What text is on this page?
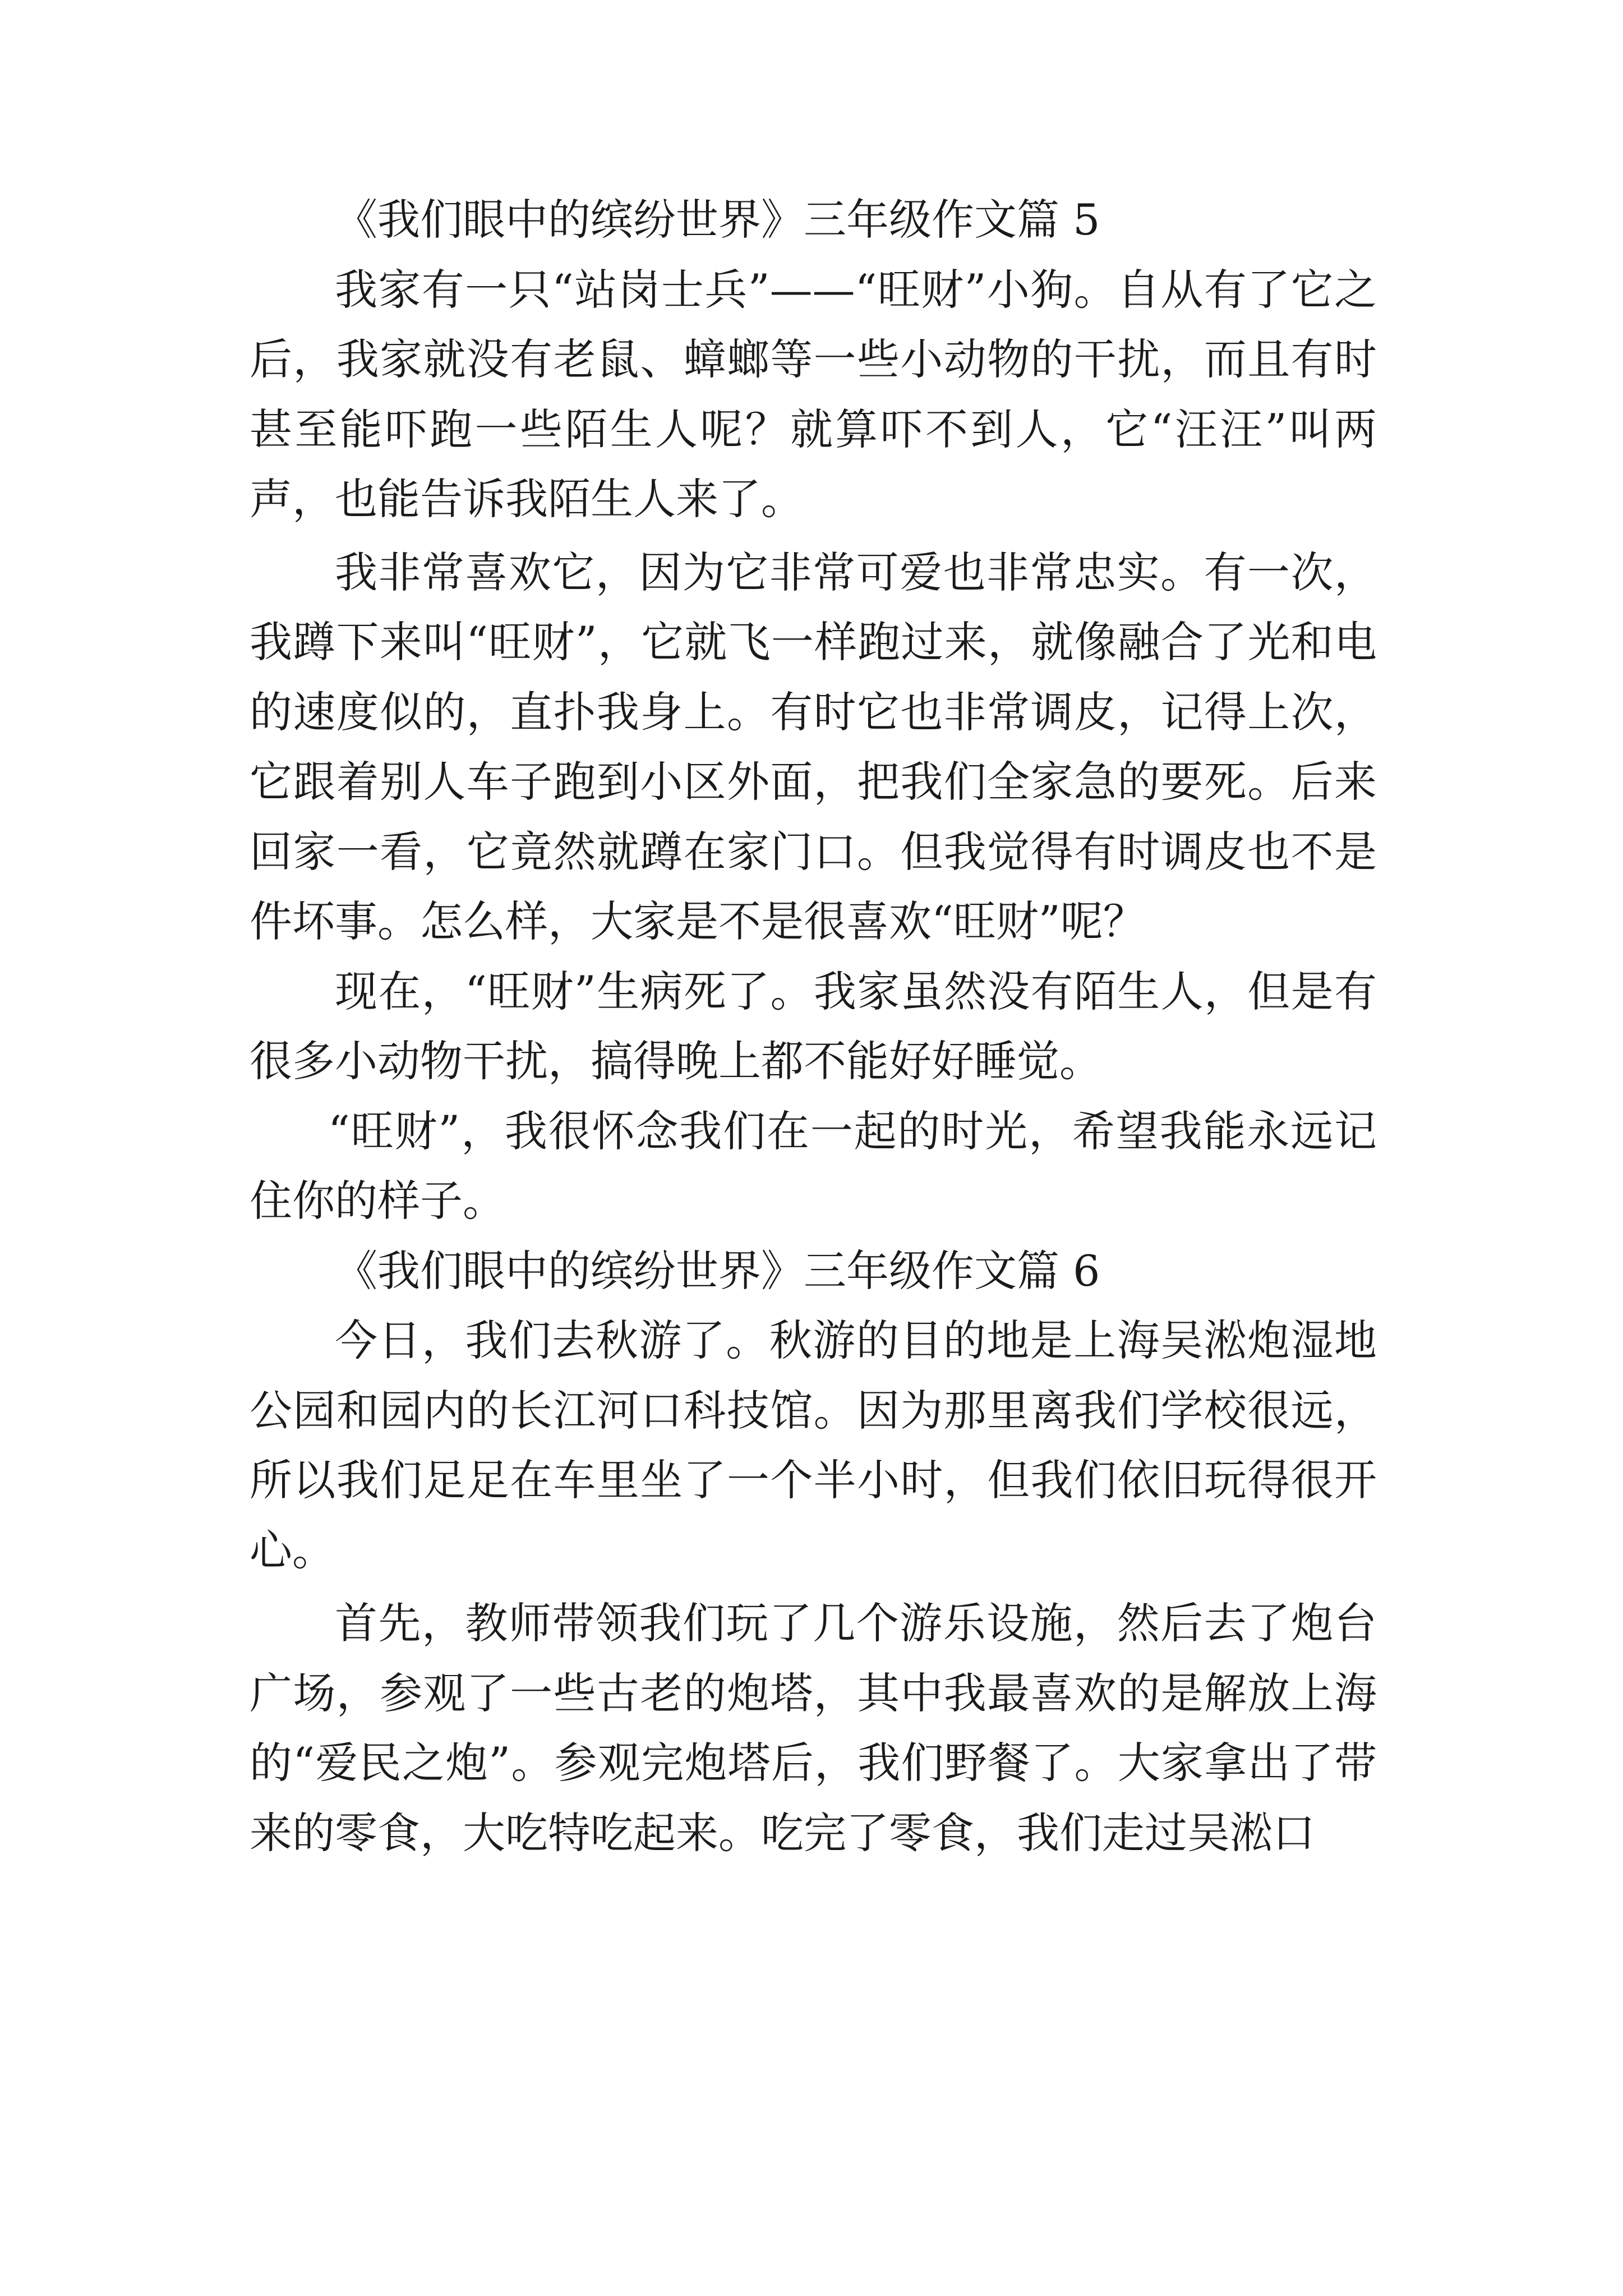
《我们眼中的缤纷世界》三年级作文篇 5

我家有一只“站岗士兵”——“旺财”小狗。自从有了它之后，我家就没有老鼠、蟑螂等一些小动物的干扰，而且有时甚至能吓跑一些陌生人呢？就算吓不到人，它“汪汪”叫两声，也能告诉我陌生人来了。

我非常喜欢它，因为它非常可爱也非常忠实。有一次，我蹲下来叫“旺财”，它就飞一样跑过来，就像融合了光和电的速度似的，直扑我身上。有时它也非常调皮，记得上次，它跟着别人车子跑到小区外面，把我们全家急的要死。后来回家一看，它竟然就蹲在家门口。但我觉得有时调皮也不是件坏事。怎么样，大家是不是很喜欢“旺财”呢？

现在，“旺财”生病死了。我家虽然没有陌生人，但是有很多小动物干扰，搞得晚上都不能好好睡觉。

“旺财”，我很怀念我们在一起的时光，希望我能永远记住你的样子。

《我们眼中的缤纷世界》三年级作文篇 6

今日，我们去秋游了。秋游的目的地是上海吴淞炮湿地公园和园内的长江河口科技馆。因为那里离我们学校很远，所以我们足足在车里坐了一个半小时，但我们依旧玩得很开心。

首先，教师带领我们玩了几个游乐设施，然后去了炮台广场，参观了一些古老的炮塔，其中我最喜欢的是解放上海的“爱民之炮”。参观完炮塔后，我们野餐了。大家拿出了带来的零食，大吃特吃起来。吃完了零食，我们走过吴淞口
